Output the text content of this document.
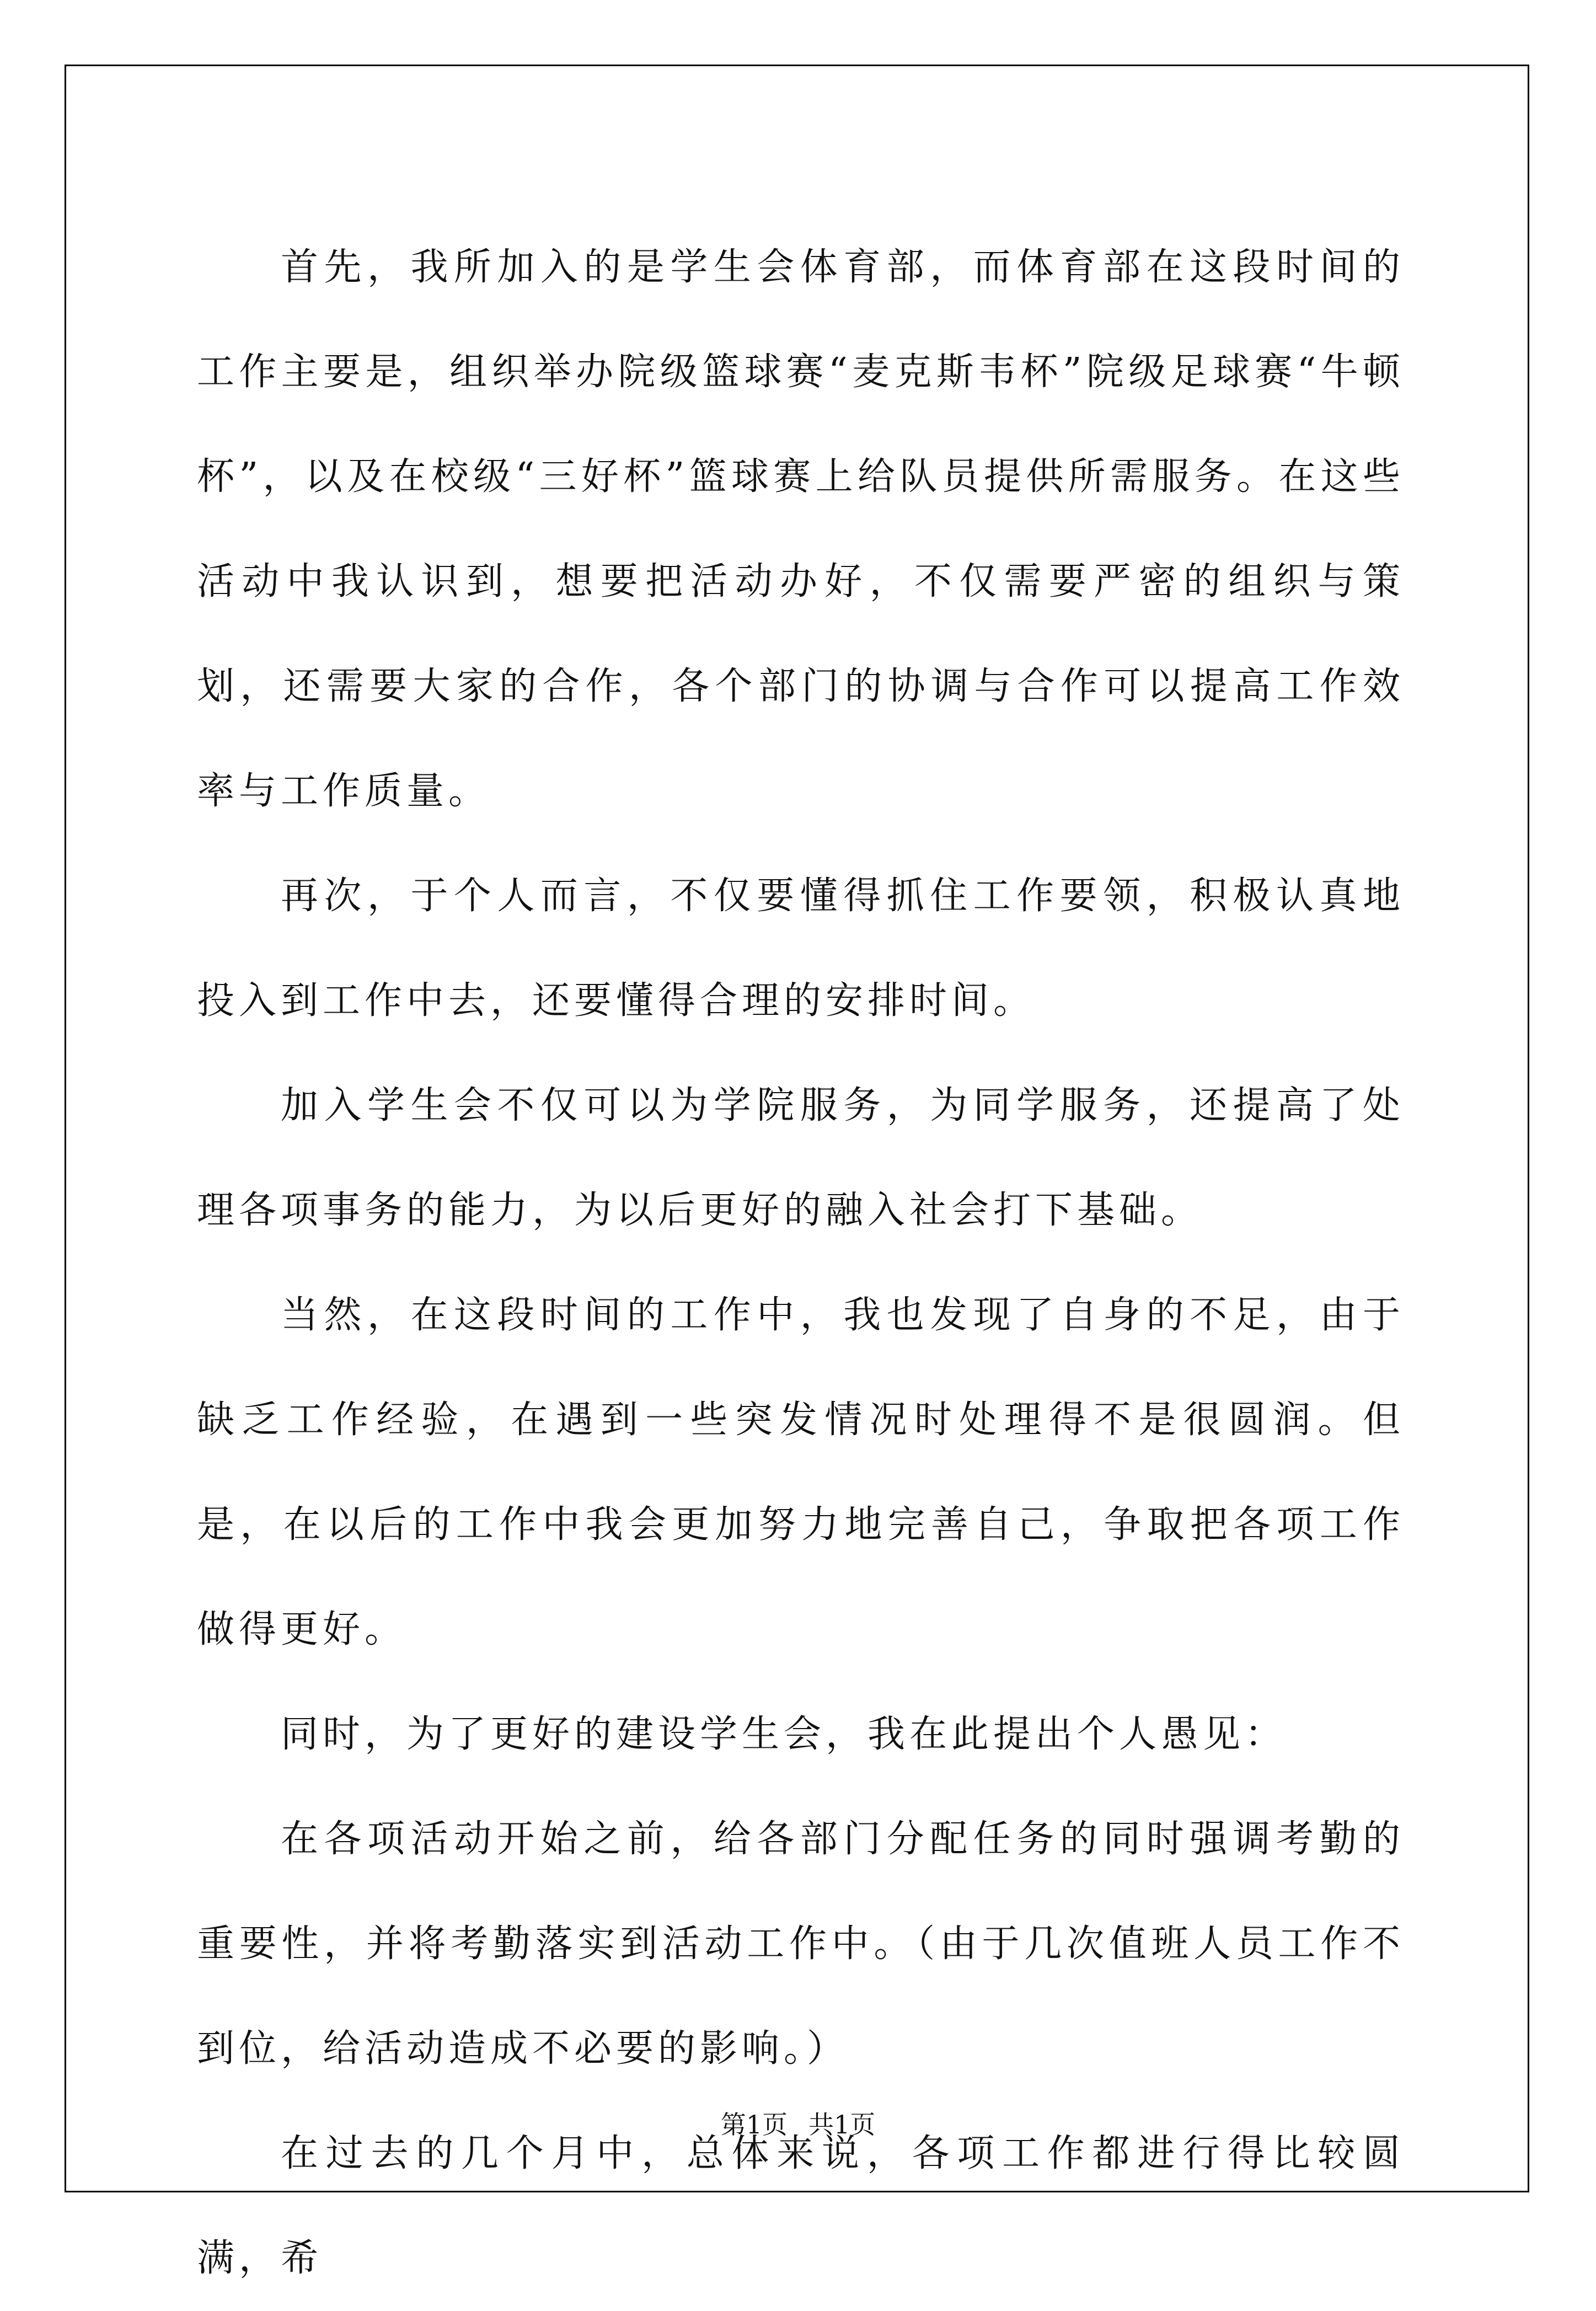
首先，我所加入的是学生会体育部，而体育部在这段时间的工作主要是，组织举办院级篮球赛“麦克斯韦杯”院级足球赛“牛顿杯”，以及在校级“三好杯”篮球赛上给队员提供所需服务。在这些活动中我认识到，想要把活动办好，不仅需要严密的组织与策划，还需要大家的合作，各个部门的协调与合作可以提高工作效率与工作质量。

再次，于个人而言，不仅要懂得抓住工作要领，积极认真地投入到工作中去，还要懂得合理的安排时间。

加入学生会不仅可以为学院服务，为同学服务，还提高了处理各项事务的能力，为以后更好的融入社会打下基础。

当然，在这段时间的工作中，我也发现了自身的不足，由于缺乏工作经验，在遇到一些突发情况时处理得不是很圆润。但是，在以后的工作中我会更加努力地完善自己，争取把各项工作做得更好。

同时，为了更好的建设学生会，我在此提出个人愚见：

在各项活动开始之前，给各部门分配任务的同时强调考勤的重要性，并将考勤落实到活动工作中。（由于几次值班人员工作不到位，给活动造成不必要的影响。）

在过去的几个月中，总体来说，各项工作都进行得比较圆满，希

第1页 共1页
